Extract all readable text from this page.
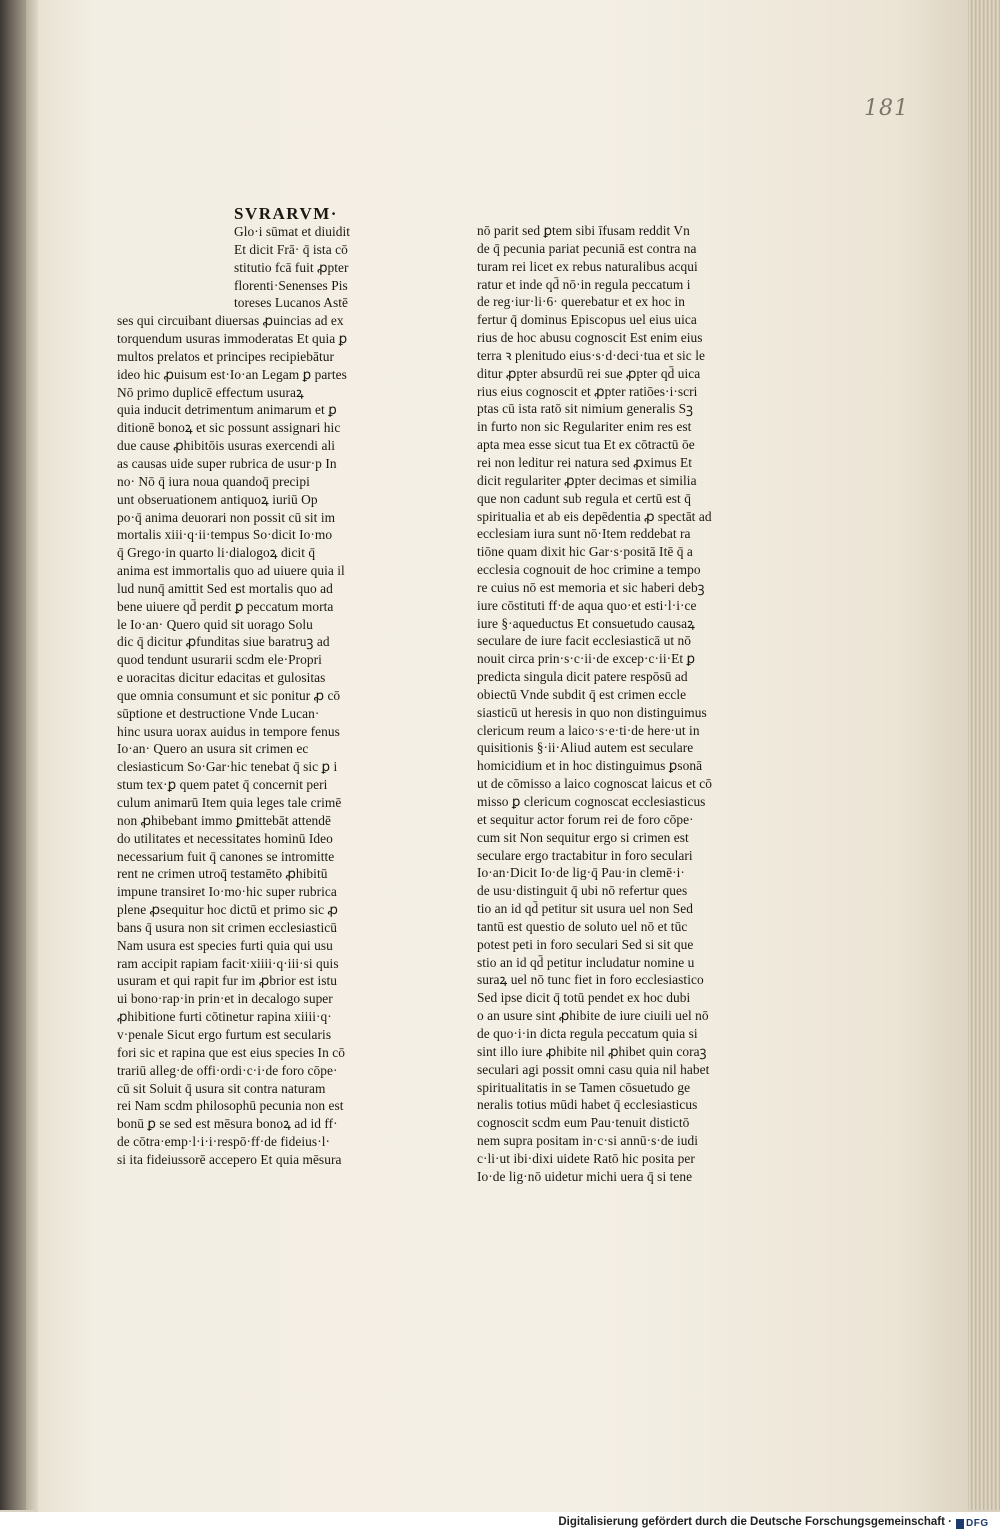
181
SVRARVM·
Glo·i sūmat et diuidit
Et dicit Frā· q̄ ista cō
stitutio fcā fuit ꝓpter
florenti·Senenses Pis
toreses Lucanos Astē
ses qui circuibant diuersas ꝓuincias ad ex
torquendum usuras immoderatas Et quia ꝑ
multos prelatos et principes recipiebātur
ideo hic ꝓuisum est·Io·an Legam ꝑ partes
Nō primo duplicē effectum usuraꝝ
quia inducit detrimentum animarum et ꝑ
ditionē bonoꝝ et sic possunt assignari hic
due cause ꝓhibitōis usuras exercendi ali
as causas uide super rubrica de usur·p In
no· Nō q̄ iura noua quandoq̄ precipi
unt obseruationem antiquoꝝ iuriū Op
po·q̄ anima deuorari non possit cū sit im
mortalis xiii·q·ii·tempus So·dicit Io·mo
q̄ Grego·in quarto li·dialogoꝝ dicit q̄
anima est immortalis quo ad uiuere quia il
lud nunq̄ amittit Sed est mortalis quo ad
bene uiuere qd̄ perdit ꝑ peccatum morta
le Io·an· Quero quid sit uorago Solu
dic q̄ dicitur ꝓfunditas siue baratruꝫ ad
quod tendunt usurarii scdm ele·Propri
e uoracitas dicitur edacitas et gulositas
que omnia consumunt et sic ponitur ꝓ cō
sūptione et destructione Vnde Lucan·
hinc usura uorax auidus in tempore fenus
Io·an· Quero an usura sit crimen ec
clesiasticum So·Gar·hic tenebat q̄ sic ꝑ i
stum tex·ꝑ quem patet q̄ concernit peri
culum animarū Item quia leges tale crimē
non ꝓhibebant immo ꝑmittebāt attendē
do utilitates et necessitates hominū Ideo
necessarium fuit q̄ canones se intromitte
rent ne crimen utroq̄ testamēto ꝓhibitū
impune transiret Io·mo·hic super rubrica
plene ꝓsequitur hoc dictū et primo sic ꝓ
bans q̄ usura non sit crimen ecclesiasticū
Nam usura est species furti quia qui usu
ram accipit rapiam facit·xiiii·q·iii·si quis
usuram et qui rapit fur im ꝓbrior est istu
ui bono·rap·in prin·et in decalogo super
ꝓhibitione furti cōtinetur rapina xiiii·q·
v·penale Sicut ergo furtum est secularis
fori sic et rapina que est eius species In cō
trariū alleg·de offi·ordi·c·i·de foro cōpe·
cū sit Soluit q̄ usura sit contra naturam
rei Nam scdm philosophū pecunia non est
bonū ꝑ se sed est mēsura bonoꝝ ad id ff·
de cōtra·emp·l·i·i·respō·ff·de fideius·l·
si ita fideiussorē accepero Et quia mēsura
nō parit sed ꝑtem sibi īfusam reddit Vn
de q̄ pecunia pariat pecuniā est contra na
turam rei licet ex rebus naturalibus acqui
ratur et inde qd̄ nō·in regula peccatum i
de reg·iur·li·6· querebatur et ex hoc in
fertur q̄ dominus Episcopus uel eius uica
rius de hoc abusu cognoscit Est enim eius
terra ꝛ plenitudo eius·s·d·deci·tua et sic le
ditur ꝓpter absurdū rei sue ꝓpter qd̄ uica
rius eius cognoscit et ꝓpter ratiōes·i·scri
ptas cū ista ratō sit nimium generalis Sꝫ
in furto non sic Regulariter enim res est
apta mea esse sicut tua Et ex cōtractū ōe
rei non leditur rei natura sed ꝓximus Et
dicit regulariter ꝓpter decimas et similia
que non cadunt sub regula et certū est q̄
spiritualia et ab eis depēdentia ꝓ spectāt ad
ecclesiam iura sunt nō·Item reddebat ra
tiōne quam dixit hic Gar·s·positā Itē q̄ a
ecclesia cognouit de hoc crimine a tempo
re cuius nō est memoria et sic haberi debꝫ
iure cōstituti ff·de aqua quo·et esti·l·i·ce
iure §·aqueductus Et consuetudo causaꝝ
seculare de iure facit ecclesiasticā ut nō
nouit circa prin·s·c·ii·de excep·c·ii·Et ꝑ
predicta singula dicit patere respōsū ad
obiectū Vnde subdit q̄ est crimen eccle
siasticū ut heresis in quo non distinguimus
clericum reum a laico·s·e·ti·de here·ut in
quisitionis §·ii·Aliud autem est seculare
homicidium et in hoc distinguimus ꝑsonā
ut de cōmisso a laico cognoscat laicus et cō
misso ꝑ clericum cognoscat ecclesiasticus
et sequitur actor forum rei de foro cōpe·
cum sit Non sequitur ergo si crimen est
seculare ergo tractabitur in foro seculari
Io·an·Dicit Io·de lig·q̄ Pau·in clemē·i·
de usu·distinguit q̄ ubi nō refertur ques
tio an id qd̄ petitur sit usura uel non Sed
tantū est questio de soluto uel nō et tūc
potest peti in foro seculari Sed si sit que
stio an id qd̄ petitur includatur nomine u
suraꝝ uel nō tunc fiet in foro ecclesiastico
Sed ipse dicit q̄ totū pendet ex hoc dubi
o an usure sint ꝓhibite de iure ciuili uel nō
de quo·i·in dicta regula peccatum quia si
sint illo iure ꝓhibite nil ꝓhibet quin coraꝫ
seculari agi possit omni casu quia nil habet
spiritualitatis in se Tamen cōsuetudo ge
neralis totius mūdi habet q̄ ecclesiasticus
cognoscit scdm eum Pau·tenuit distictō
nem supra positam in·c·si annū·s·de iudi
c·li·ut ibi·dixi uidete Ratō hic posita per
Io·de lig·nō uidetur michi uera q̄ si tene
Digitalisierung gefördert durch die Deutsche Forschungsgemeinschaft · DFG
